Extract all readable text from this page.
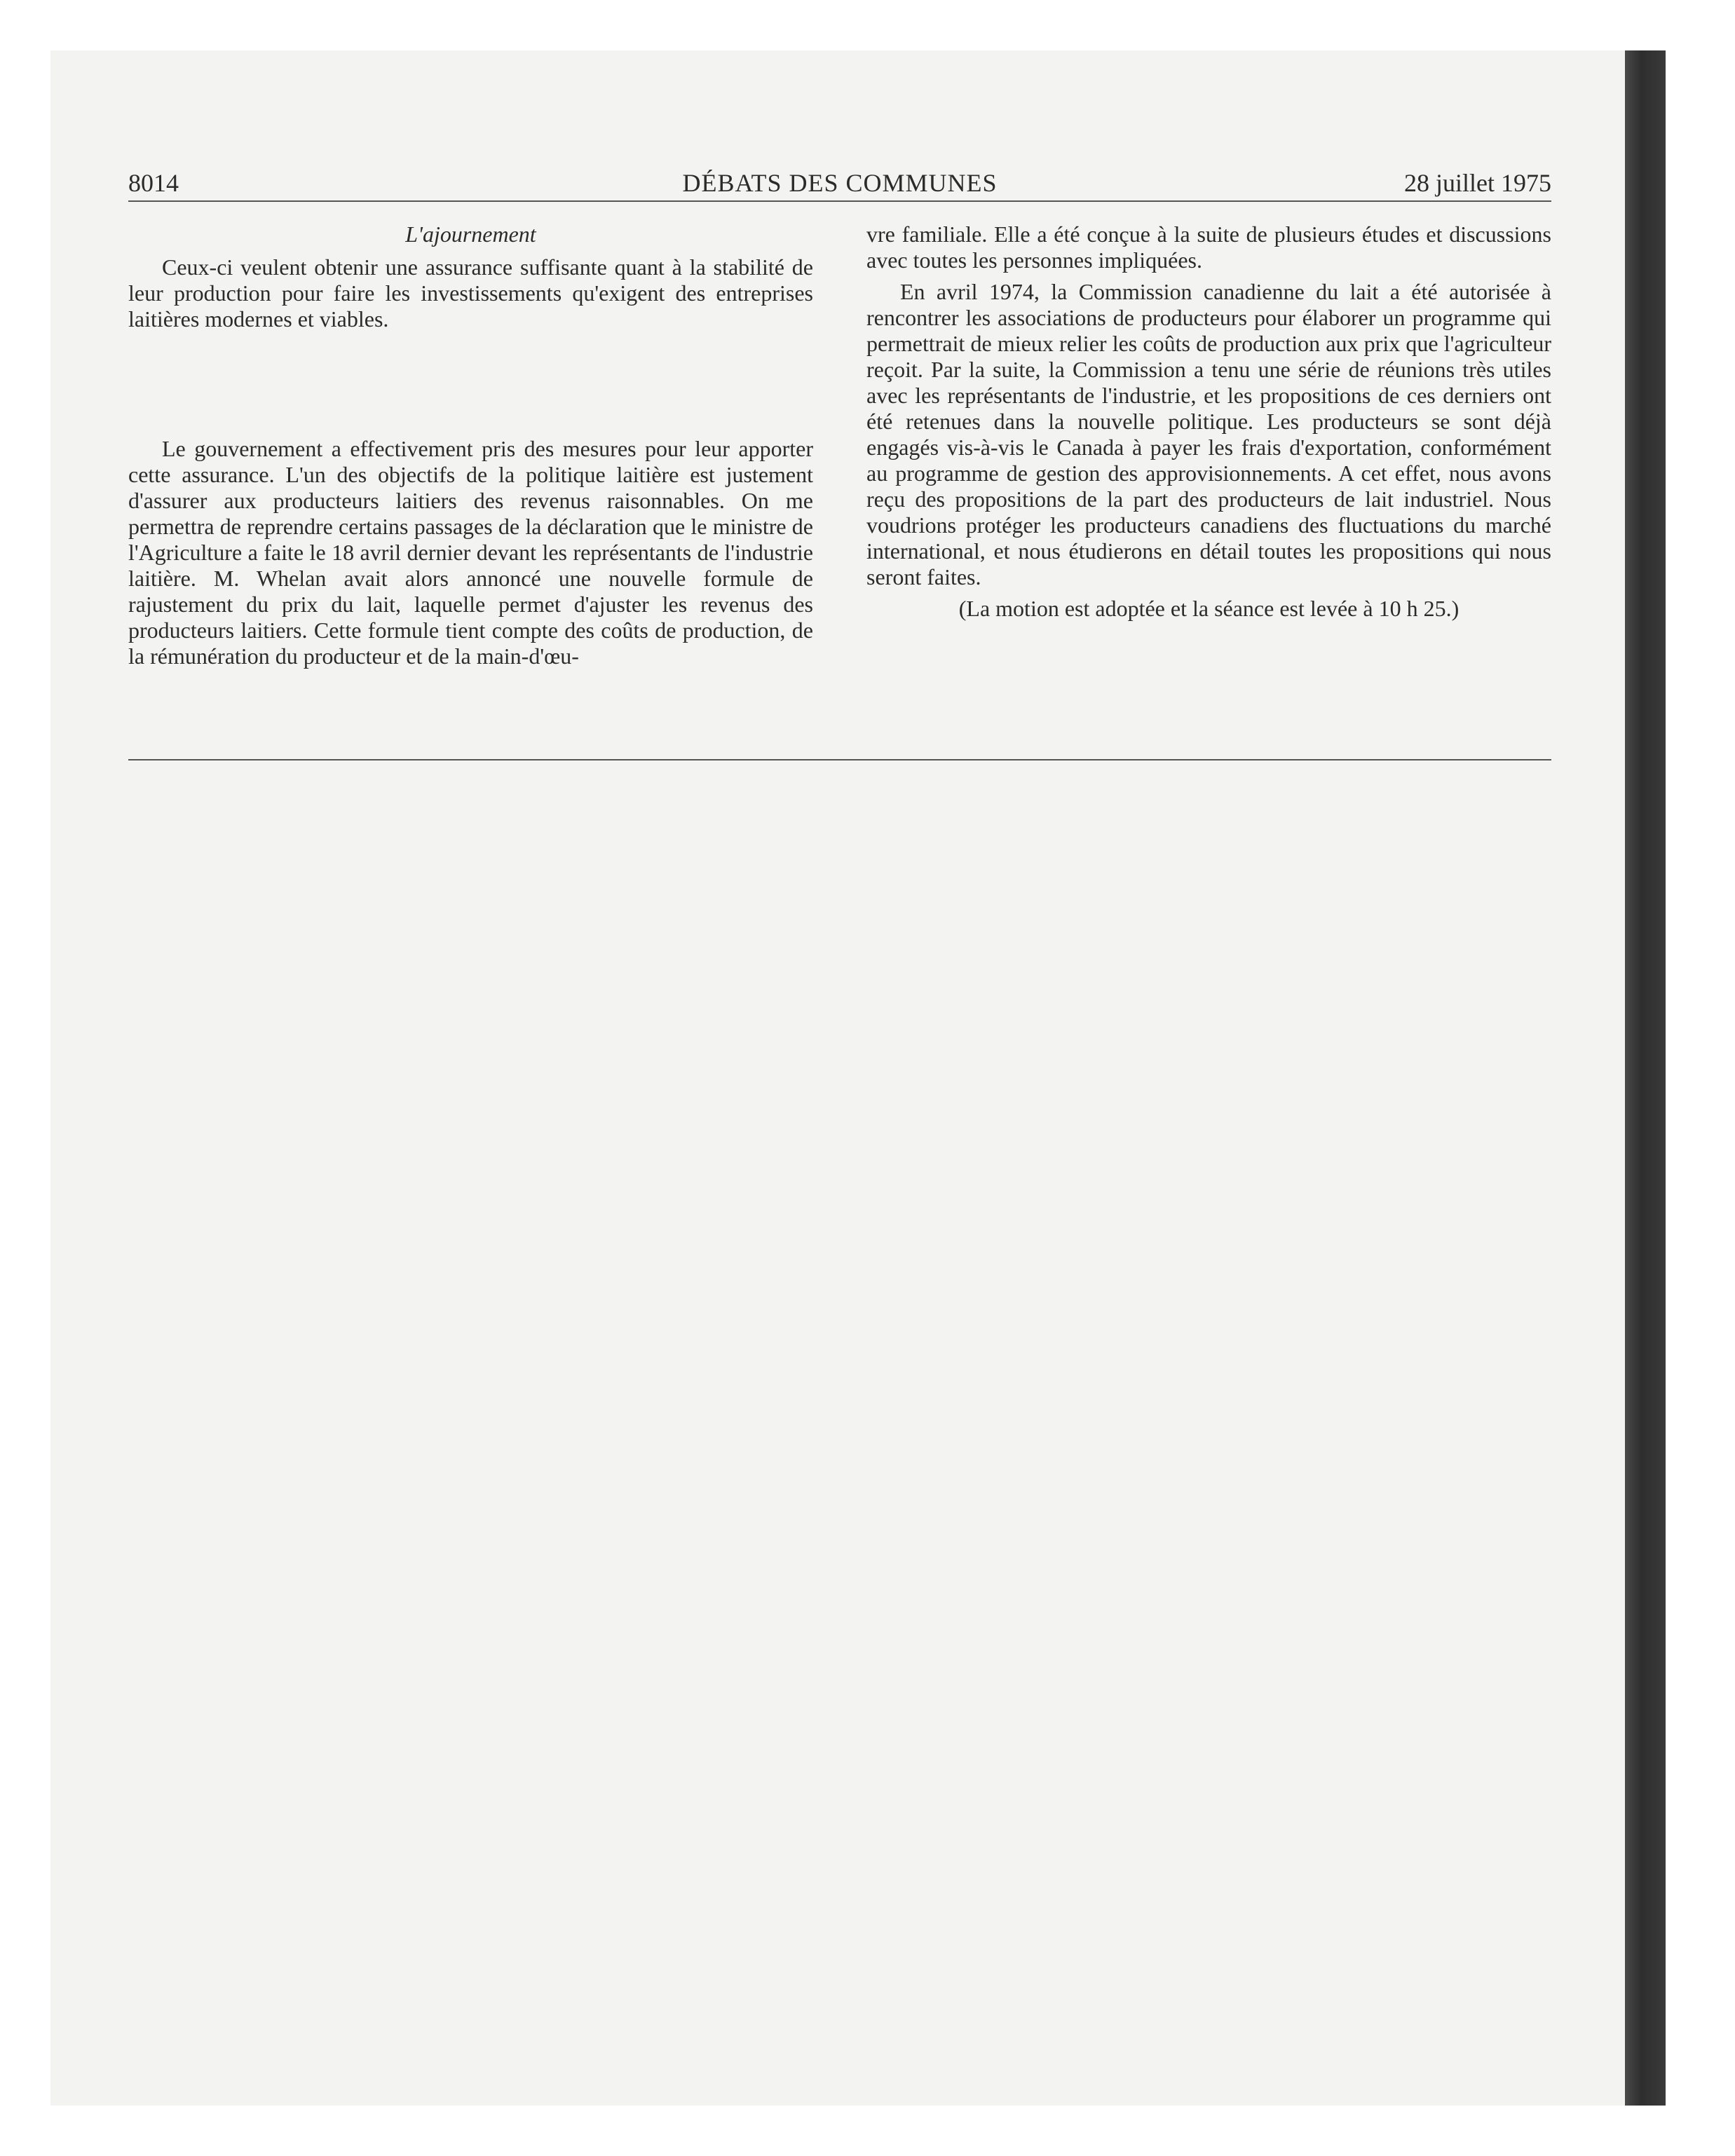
8014	DÉBATS DES COMMUNES	28 juillet 1975
L'ajournement

Ceux-ci veulent obtenir une assurance suffisante quant à la stabilité de leur production pour faire les investissements qu'exigent des entreprises laitières modernes et viables.

Le gouvernement a effectivement pris des mesures pour leur apporter cette assurance. L'un des objectifs de la politique laitière est justement d'assurer aux producteurs laitiers des revenus raisonnables. On me permettra de reprendre certains passages de la déclaration que le ministre de l'Agriculture a faite le 18 avril dernier devant les représentants de l'industrie laitière. M. Whelan avait alors annoncé une nouvelle formule de rajustement du prix du lait, laquelle permet d'ajuster les revenus des producteurs laitiers. Cette formule tient compte des coûts de production, de la rémunération du producteur et de la main-d'œu-

vre familiale. Elle a été conçue à la suite de plusieurs études et discussions avec toutes les personnes impliquées.

En avril 1974, la Commission canadienne du lait a été autorisée à rencontrer les associations de producteurs pour élaborer un programme qui permettrait de mieux relier les coûts de production aux prix que l'agriculteur reçoit. Par la suite, la Commission a tenu une série de réunions très utiles avec les représentants de l'industrie, et les propositions de ces derniers ont été retenues dans la nouvelle politique. Les producteurs se sont déjà engagés vis-à-vis le Canada à payer les frais d'exportation, conformément au programme de gestion des approvisionnements. A cet effet, nous avons reçu des propositions de la part des producteurs de lait industriel. Nous voudrions protéger les producteurs canadiens des fluctuations du marché international, et nous étudierons en détail toutes les propositions qui nous seront faites.

(La motion est adoptée et la séance est levée à 10 h 25.)
